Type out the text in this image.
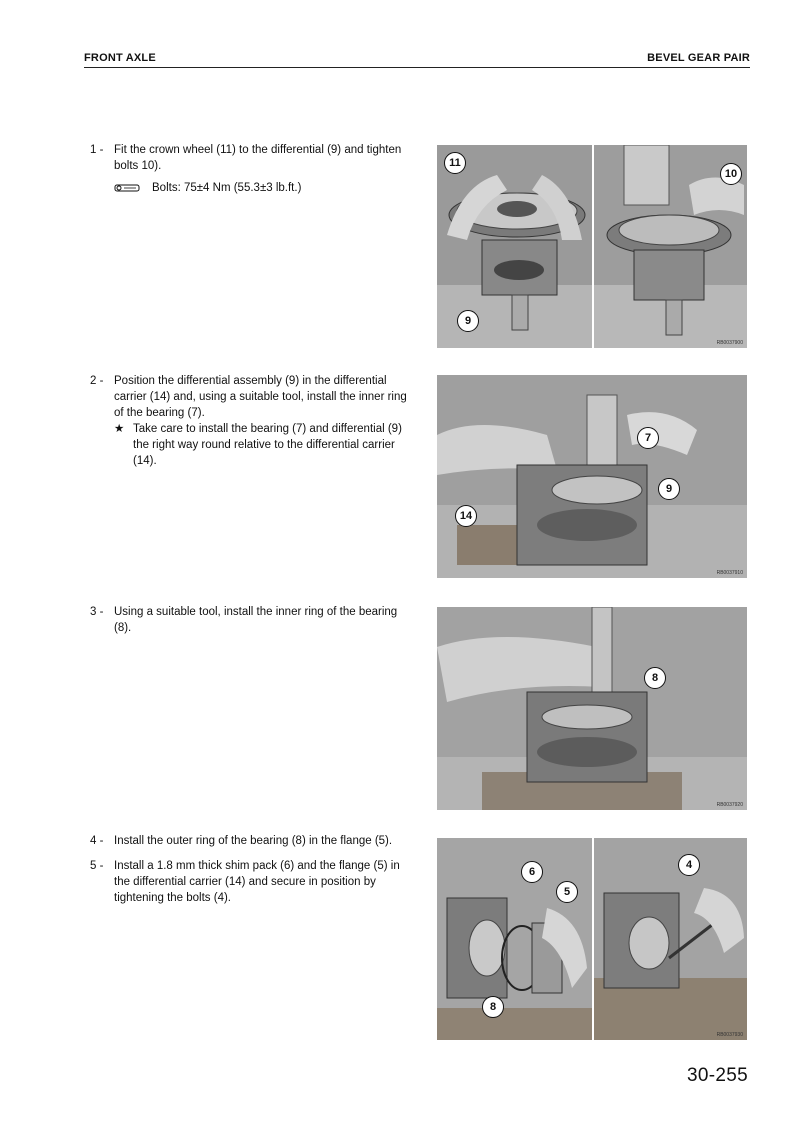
FRONT AXLE	BEVEL GEAR PAIR
1 - Fit the crown wheel (11) to the differential (9) and tighten bolts 10).
Bolts: 75±4 Nm (55.3±3 lb.ft.)
2 - Position the differential assembly (9) in the differential carrier (14) and, using a suitable tool, install the inner ring of the bearing (7).
★ Take care to install the bearing (7) and differential (9) the right way round relative to the differential carrier (14).
3 - Using a suitable tool, install the inner ring of the bearing (8).
4 - Install the outer ring of the bearing (8) in the flange (5).
5 - Install a 1.8 mm thick shim pack (6) and the flange (5) in the differential carrier (14) and secure in position by tightening the bolts (4).
11
9
10
RB0037900
7
9
14
RB0037910
8
RB0037920
6
5
8
4
RB0037930
30-255
